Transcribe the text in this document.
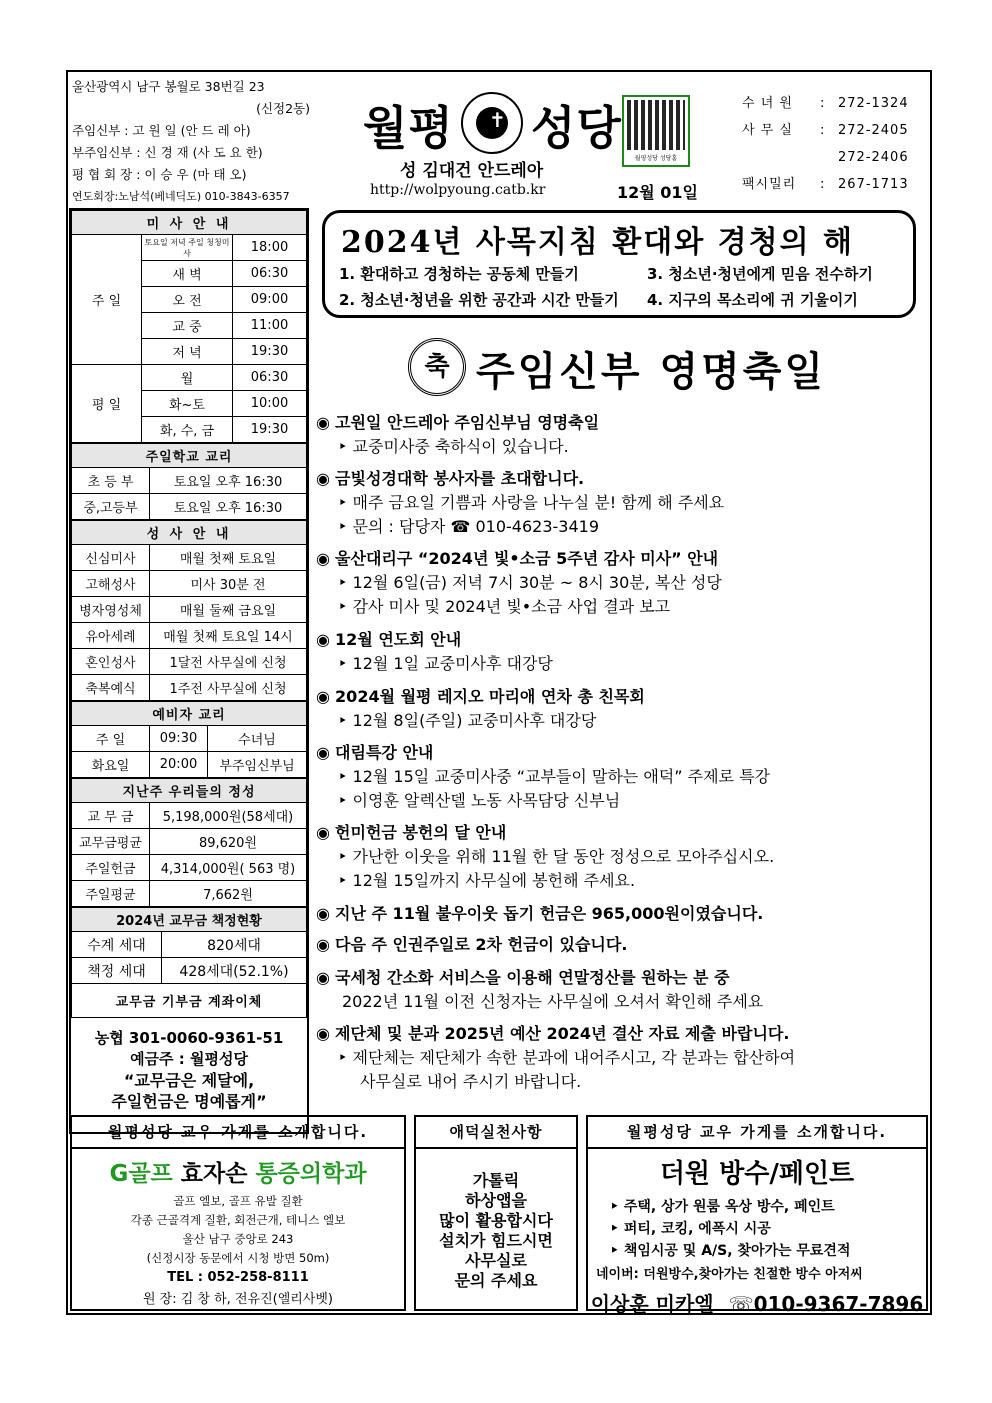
울산광역시 남구 봉월로 38번길 23
(신정2동)
주임신부 : 고 원 일 (안 드 레 아)
부주임신부 : 신 경 재 (사 도 요 한)
평 협 회 장 : 이 승 우 (마 태 오)
연도회장:노남석(베네딕도) 010-3843-6357
월평 ✝ 성당
성 김대건 안드레아
http://wolpyoung.catb.kr	12월 01일
월평성당 성당홈
수 녀 원	: 272-1324
사 무 실	: 272-2405
272-2406
팩시밀리	: 267-1713
미 사 안 내		
주 일	토요일 저녁 주일 청청미사	18:00
	새 벽	06:30
	오 전	09:00
	교 중	11:00
	저 녁	19:30
평 일	월	06:30
	화~토	10:00
	화, 수, 금	19:30
주일학교 교리	
초 등 부	토요일 오후 16:30
중,고등부	토요일 오후 16:30
성 사 안 내	
신심미사	매월 첫째 토요일
고해성사	미사 30분 전
병자영성체	매월 둘째 금요일
유아세례	매월 첫째 토요일 14시
혼인성사	1달전 사무실에 신청
축복예식	1주전 사무실에 신청
예비자 교리		
주 일	09:30	수녀님
화요일	20:00	부주임신부님
지난주 우리들의 정성	
교 무 금	5,198,000원(58세대)
교무금평균	89,620원
주일헌금	4,314,000원( 563 명)
주일평균	7,662원
2024년 교무금 책정현황	
수계 세대	820세대
책정 세대	428세대(52.1%)
교무금 기부금 계좌이체	
농협 301-0060-9361-51
예금주 : 월평성당
“교무금은 제달에,
주일헌금은 명예롭게”
2024년 사목지침 환대와 경청의 해
1. 환대하고 경청하는 공동체 만들기	3. 청소년·청년에게 믿음 전수하기
2. 청소년·청년을 위한 공간과 시간 만들기 4. 지구의 목소리에 귀 기울이기
축 주임신부 영명축일
◉ 고원일 안드레아 주임신부님 영명축일
‣ 교중미사중 축하식이 있습니다.
◉ 금빛성경대학 봉사자를 초대합니다.
‣ 매주 금요일 기쁨과 사랑을 나누실 분! 함께 해 주세요
‣ 문의 : 담당자 ☎ 010-4623-3419
◉ 울산대리구 “2024년 빛•소금 5주년 감사 미사” 안내
‣ 12월 6일(금) 저녁 7시 30분 ~ 8시 30분, 복산 성당
‣ 감사 미사 및 2024년 빛•소금 사업 결과 보고
◉ 12월 연도회 안내
‣ 12월 1일 교중미사후 대강당
◉ 2024월 월평 레지오 마리애 연차 총 친목회
‣ 12월 8일(주일) 교중미사후 대강당
◉ 대림특강 안내
‣ 12월 15일 교중미사중 “교부들이 말하는 애덕” 주제로 특강
‣ 이영훈 알렉산델 노동 사목담당 신부님
◉ 헌미헌금 봉헌의 달 안내
‣ 가난한 이웃을 위해 11월 한 달 동안 정성으로 모아주십시오.
‣ 12월 15일까지 사무실에 봉헌해 주세요.
◉ 지난 주 11월 불우이웃 돕기 헌금은 965,000원이였습니다.
◉ 다음 주 인권주일로 2차 헌금이 있습니다.
◉ 국세청 간소화 서비스을 이용해 연말정산를 원하는 분 중
2022년 11월 이전 신청자는 사무실에 오셔서 확인해 주세요
◉ 제단체 및 분과 2025년 예산 2024년 결산 자료 제출 바랍니다.
‣ 제단체는 제단체가 속한 분과에 내어주시고, 각 분과는 합산하여
사무실로 내어 주시기 바랍니다.
월평성당 교우 가게를 소개합니다.
G골프 효자손 통증의학과
골프 엘보, 골프 유발 질환
각종 근골격계 질환, 회전근개, 테니스 엘보
울산 남구 중앙로 243
(신정시장 동문에서 시청 방면 50m)
TEL : 052-258-8111
원 장: 김 창 하, 전유진(엘리사벳)
애덕실천사항
가톨릭
하상앱을
많이 활용합시다
설치가 힘드시면
사무실로
문의 주세요
월평성당 교우 가게를 소개합니다.
더원 방수/페인트
‣ 주택, 상가 원룸 옥상 방수, 페인트
‣ 퍼티, 코킹, 에폭시 시공
‣ 책임시공 및 A/S, 찾아가는 무료견적
네이버: 더원방수,찾아가는 친절한 방수 아저씨
이상훈 미카엘 ☏010-9367-7896
